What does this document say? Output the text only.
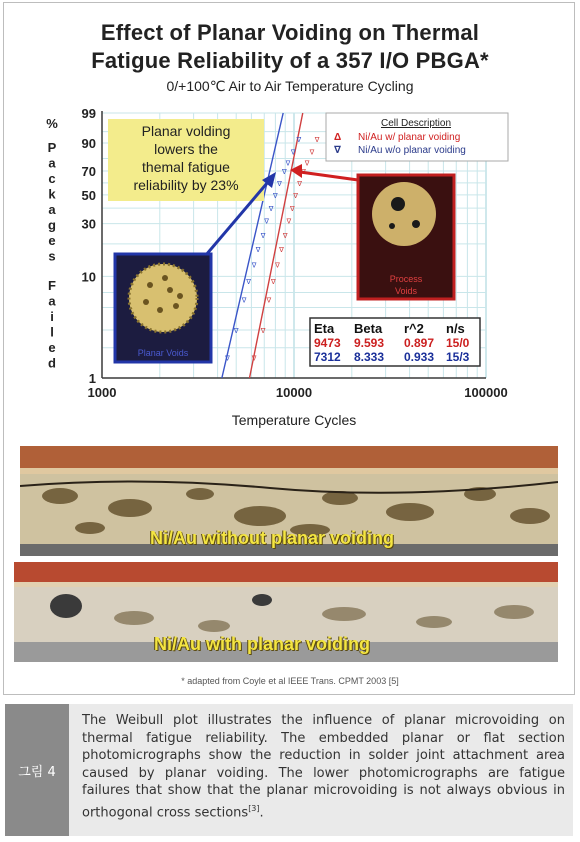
Effect of Planar Voiding on Thermal
Fatigue Reliability of a 357 I/O PBGA*
0/+100℃ Air to Air Temperature Cycling
1
10
30
50
70
90
99
1000	10000	100000
Temperature Cycles
%
P
a
c
k
a
g
e
s
F
a
i
l
e
d	∇
∇
∇
∇
∇
∇
∇
∇
∇
∇
∇
∇
∇
∇
∇
∇
∇
∇
∇
∇
∇
∇
∇
∇
∇
∇
∇
∇
∇
Cell Description
Δ Ni/Au w/ planar voiding
∇ Ni/Au w/o planar voiding
Planar volding
lowers the
themal fatigue
reliability by 23%
Planar Voids
Process
Voids
Eta Beta r^2 n/s
9473 9.593 0.897 15/0
7312 8.333 0.933 15/3
Ni/Au without planar voiding
Ni/Au with planar voiding
* adapted from Coyle et al IEEE Trans. CPMT 2003 [5]
그림 4
The Weibull plot illustrates the influence of planar microvoiding on thermal fatigue reliability. The embedded planar or flat section photomicrographs show the reduction in solder joint attachment area caused by planar voiding. The lower photomicrographs are fatigue failures that show that the planar microvoiding is not always obvious in orthogonal cross sections[3].
